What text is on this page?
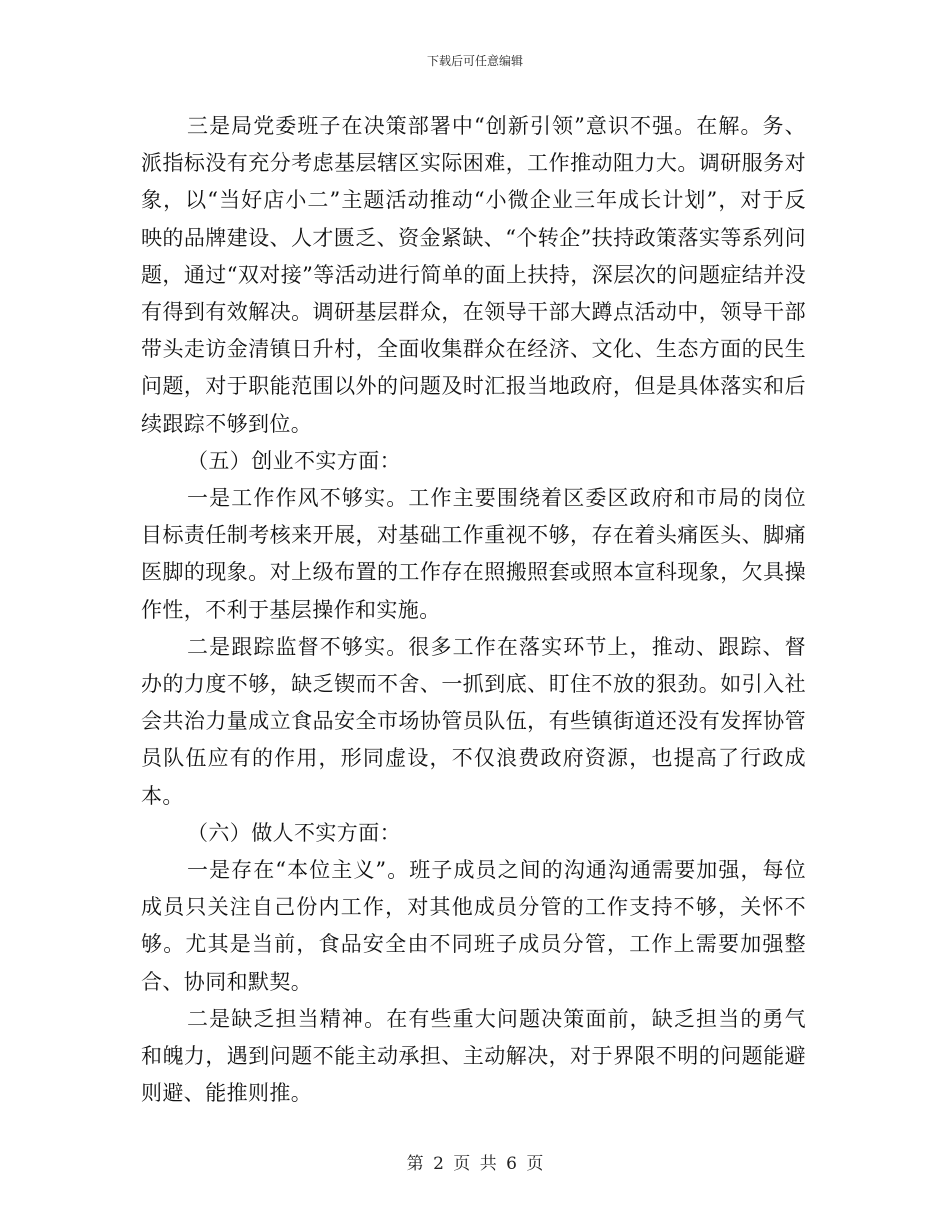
下载后可任意编辑

三是局党委班子在决策部署中“创新引领”意识不强。在解。务、派指标没有充分考虑基层辖区实际困难，工作推动阻力大。调研服务对象，以“当好店小二”主题活动推动“小微企业三年成长计划”，对于反映的品牌建设、人才匮乏、资金紧缺、“个转企”扶持政策落实等系列问题，通过“双对接”等活动进行简单的面上扶持，深层次的问题症结并没有得到有效解决。调研基层群众，在领导干部大蹲点活动中，领导干部带头走访金清镇日升村，全面收集群众在经济、文化、生态方面的民生问题，对于职能范围以外的问题及时汇报当地政府，但是具体落实和后续跟踪不够到位。

（五）创业不实方面：

一是工作作风不够实。工作主要围绕着区委区政府和市局的岗位目标责任制考核来开展，对基础工作重视不够，存在着头痛医头、脚痛医脚的现象。对上级布置的工作存在照搬照套或照本宣科现象，欠具操作性，不利于基层操作和实施。

二是跟踪监督不够实。很多工作在落实环节上，推动、跟踪、督办的力度不够，缺乏锲而不舍、一抓到底、盯住不放的狠劲。如引入社会共治力量成立食品安全市场协管员队伍，有些镇街道还没有发挥协管员队伍应有的作用，形同虚设，不仅浪费政府资源，也提高了行政成本。

（六）做人不实方面：

一是存在“本位主义”。班子成员之间的沟通沟通需要加强，每位成员只关注自己份内工作，对其他成员分管的工作支持不够，关怀不够。尤其是当前，食品安全由不同班子成员分管，工作上需要加强整合、协同和默契。

二是缺乏担当精神。在有些重大问题决策面前，缺乏担当的勇气和魄力，遇到问题不能主动承担、主动解决，对于界限不明的问题能避则避、能推则推。

第 2 页 共 6 页
